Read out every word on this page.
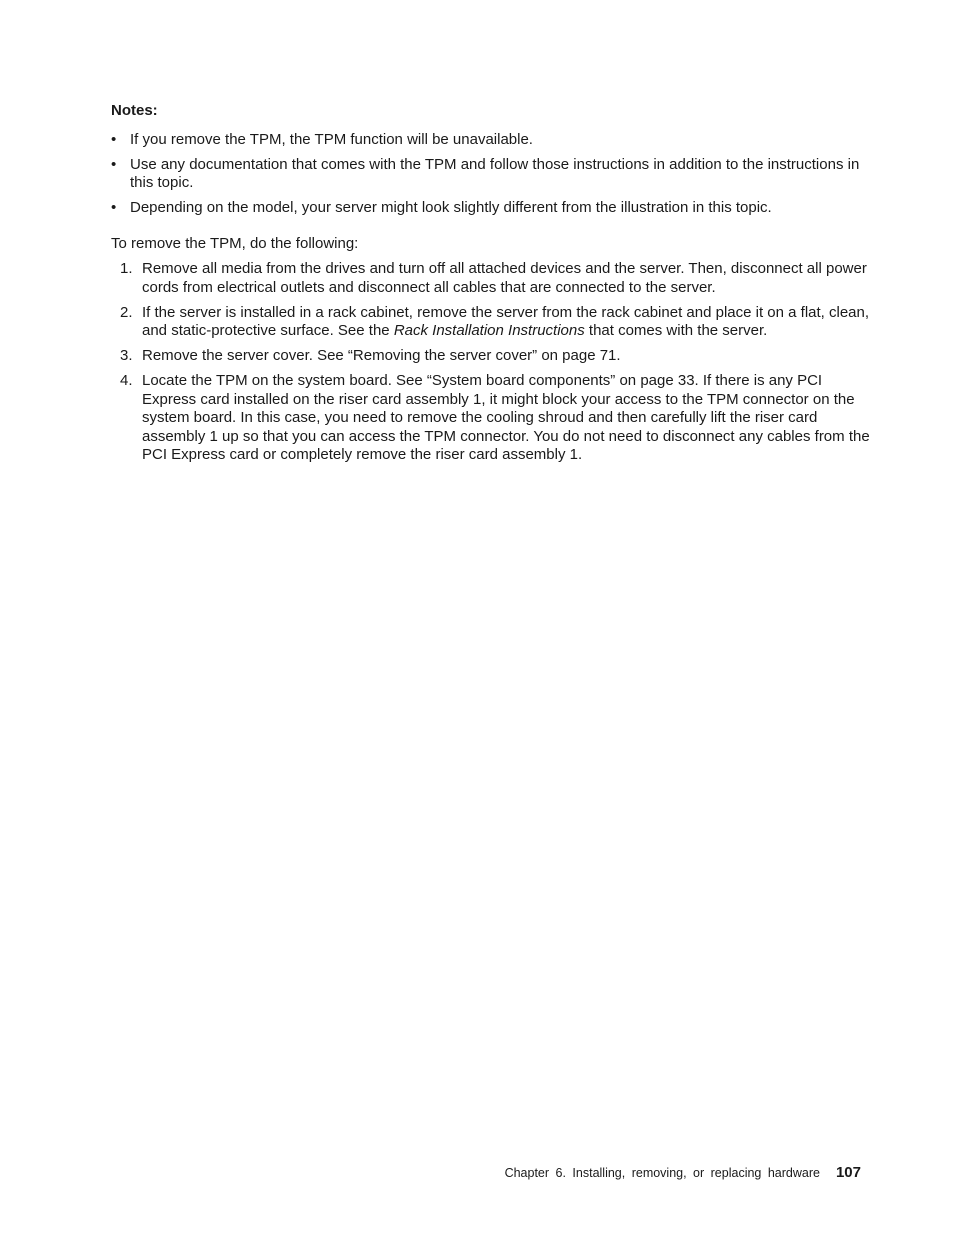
Notes:
• If you remove the TPM, the TPM function will be unavailable.
• Use any documentation that comes with the TPM and follow those instructions in addition to the instructions in this topic.
• Depending on the model, your server might look slightly different from the illustration in this topic.
To remove the TPM, do the following:
1. Remove all media from the drives and turn off all attached devices and the server. Then, disconnect all power cords from electrical outlets and disconnect all cables that are connected to the server.
2. If the server is installed in a rack cabinet, remove the server from the rack cabinet and place it on a flat, clean, and static-protective surface. See the Rack Installation Instructions that comes with the server.
3. Remove the server cover. See “Removing the server cover” on page 71.
4. Locate the TPM on the system board. See “System board components” on page 33. If there is any PCI Express card installed on the riser card assembly 1, it might block your access to the TPM connector on the system board. In this case, you need to remove the cooling shroud and then carefully lift the riser card assembly 1 up so that you can access the TPM connector. You do not need to disconnect any cables from the PCI Express card or completely remove the riser card assembly 1.
Chapter 6. Installing, removing, or replacing hardware 107
